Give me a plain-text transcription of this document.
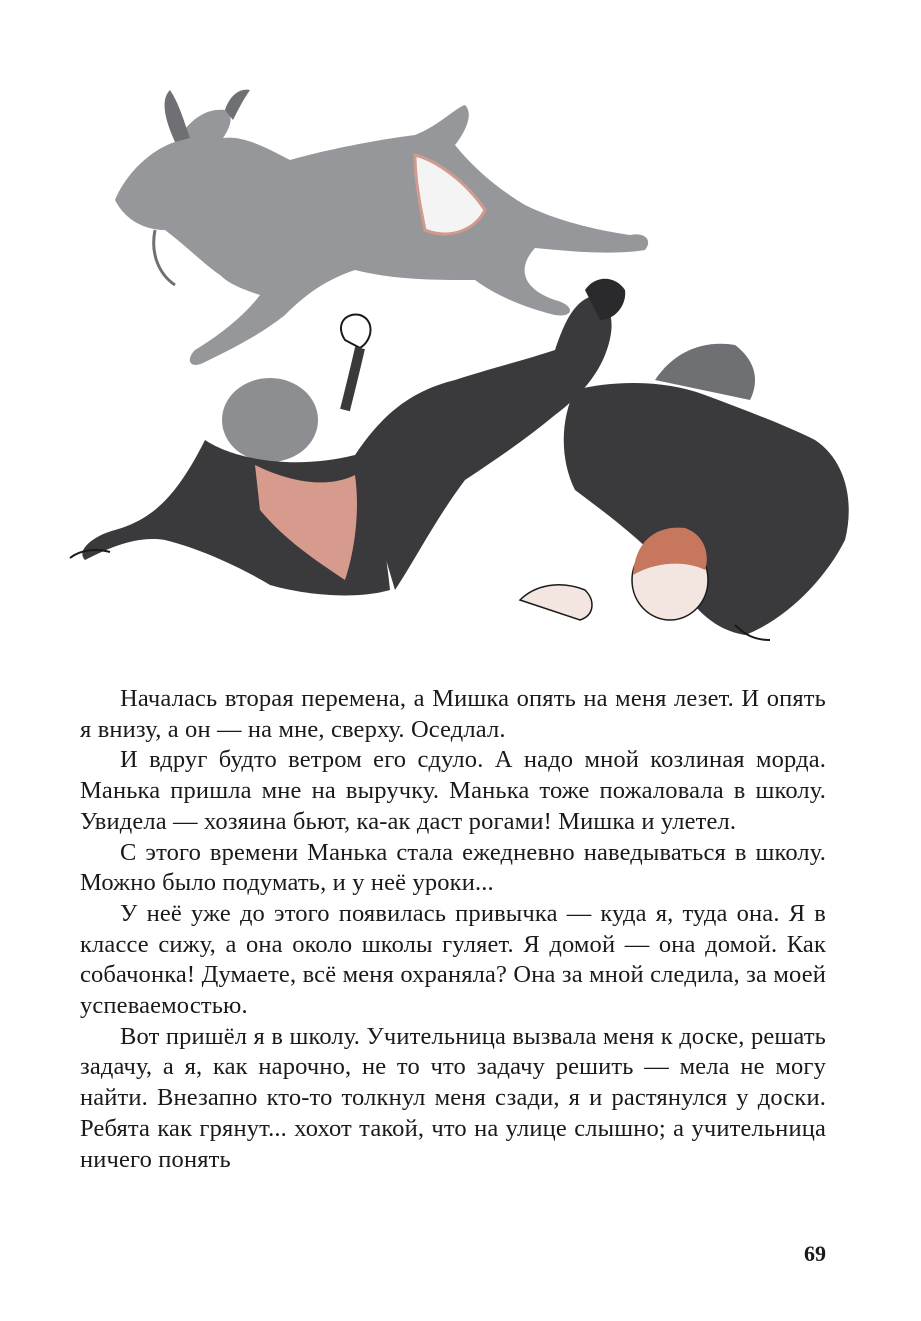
Началась вторая перемена, а Мишка опять на меня лезет. И опять я внизу, а он — на мне, сверху. Оседлал.

И вдруг будто ветром его сдуло. А надо мной козлиная морда. Манька пришла мне на выручку. Манька тоже пожаловала в школу. Увидела — хозяина бьют, ка-ак даст рогами! Мишка и улетел.

С этого времени Манька стала ежедневно наведываться в школу. Можно было подумать, и у неё уроки...

У неё уже до этого появилась привычка — куда я, туда она. Я в классе сижу, а она около школы гуляет. Я домой — она домой. Как собачонка! Думаете, всё меня охраняла? Она за мной следила, за моей успеваемостью.

Вот пришёл я в школу. Учительница вызвала меня к доске, решать задачу, а я, как нарочно, не то что задачу решить — мела не могу найти. Внезапно кто-то толкнул меня сзади, я и растянулся у доски. Ребята как грянут... хохот такой, что на улице слышно; а учительница ничего понять

69
